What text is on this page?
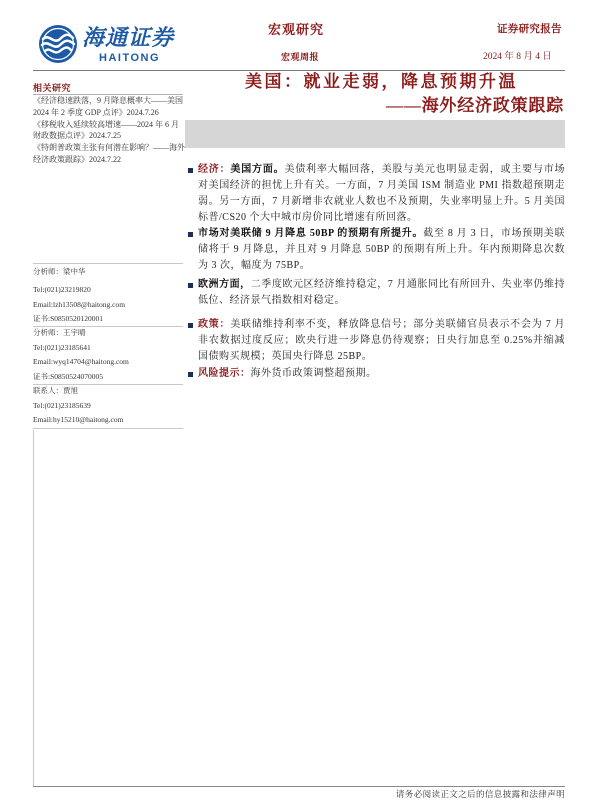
海通证券
HAITONG
宏观研究
宏观周报
证券研究报告
2024 年 8 月 4 日
美国：就业走弱，降息预期升温
——海外经济政策跟踪
相关研究
《经济稳速跌落，9 月降息概率大——美国 2024 年 2 季度 GDP 点评》2024.7.26
《移税收入延续较高增速——2024 年 6 月财政数据点评》2024.7.25
《特朗普政策主张有何潜在影响？——海外经济政策跟踪》2024.7.22
分析师：梁中华
Tel:(021)23219820
Email:lzh13508@haitong.com
证书:S0850520120001
分析师：王宇晴
Tel:(021)23185641
Email:wyq14704@haitong.com
证书:S0850524070005
联系人：贾旭
Tel:(021)23185639
Email:hy15210@haitong.com
经济：美国方面。美债利率大幅回落，美股与美元也明显走弱，或主要与市场对美国经济的担忧上升有关。一方面，7 月美国 ISM 制造业 PMI 指数超预期走弱。另一方面，7 月新增非农就业人数也不及预期，失业率明显上升。5 月美国标普/CS20 个大中城市房价同比增速有所回落。
市场对美联储 9 月降息 50BP 的预期有所提升。截至 8 月 3 日，市场预期美联储将于 9 月降息，并且对 9 月降息 50BP 的预期有所上升。年内预期降息次数为 3 次，幅度为 75BP。
欧洲方面，二季度欧元区经济维持稳定，7 月通胀同比有所回升、失业率仍维持低位、经济景气指数相对稳定。
政策：美联储维持利率不变，释放降息信号；部分美联储官员表示不会为 7 月非农数据过度反应；欧央行进一步降息仍待观察；日央行加息至 0.25%并缩减国债购买规模；英国央行降息 25BP。
风险提示：海外货币政策调整超预期。
请务必阅读正文之后的信息披露和法律声明
